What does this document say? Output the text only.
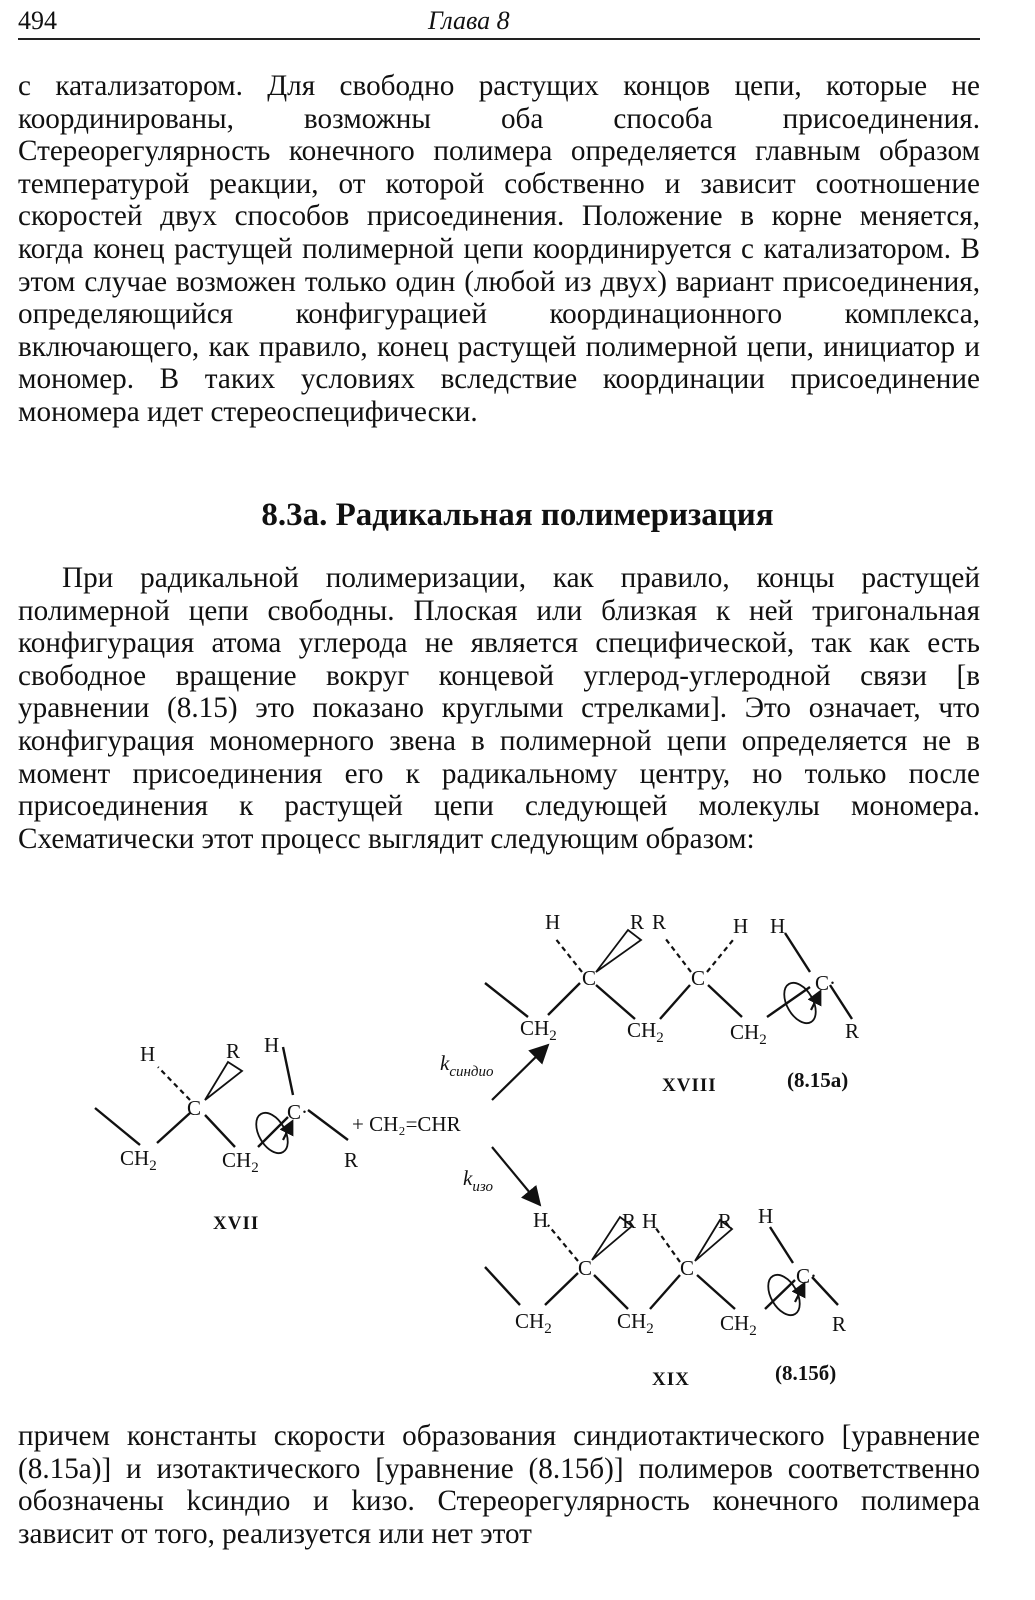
494	Глава 8

с катализатором. Для свободно растущих концов цепи, которые не координированы, возможны оба способа присоединения. Стереорегулярность конечного полимера определяется главным образом температурой реакции, от которой собственно и зависит соотношение скоростей двух способов присоединения. Положение в корне меняется, когда конец растущей полимерной цепи координируется с катализатором. В этом случае возможен только один (любой из двух) вариант присоединения, определяющийся конфигурацией координационного комплекса, включающего, как правило, конец растущей полимерной цепи, инициатор и мономер. В таких условиях вследствие координации присоединение мономера идет стереоспецифически.

8.3а. Радикальная полимеризация

При радикальной полимеризации, как правило, концы растущей полимерной цепи свободны. Плоская или близкая к ней тригональная конфигурация атома углерода не является специфической, так как есть свободное вращение вокруг концевой углерод-углеродной связи [в уравнении (8.15) это показано круглыми стрелками]. Это означает, что конфигурация мономерного звена в полимерной цепи определяется не в момент присоединения его к радикальному центру, но только после присоединения к растущей цепи следующей молекулы мономера. Схематически этот процесс выглядит следующим образом:

H	R H
C	C·
$CH_2$	$CH_2$	R
XVII
+ CH₂=CHR
$k_{синдио}$
$k_{изо}$
H	R R	H H
C	C	C·
$CH_2$	$CH_2$	$CH_2$	R
XVIII	(8.15а)
H	R H	R H
C	C	C·
$CH_2$	$CH_2$	$CH_2$	R
XIX	(8.15б)

причем константы скорости образования синдиотактического [уравнение (8.15а)] и изотактического [уравнение (8.15б)] полимеров соответственно обозначены kсиндио и kизо. Стереорегулярность конечного полимера зависит от того, реализуется или нет этот
